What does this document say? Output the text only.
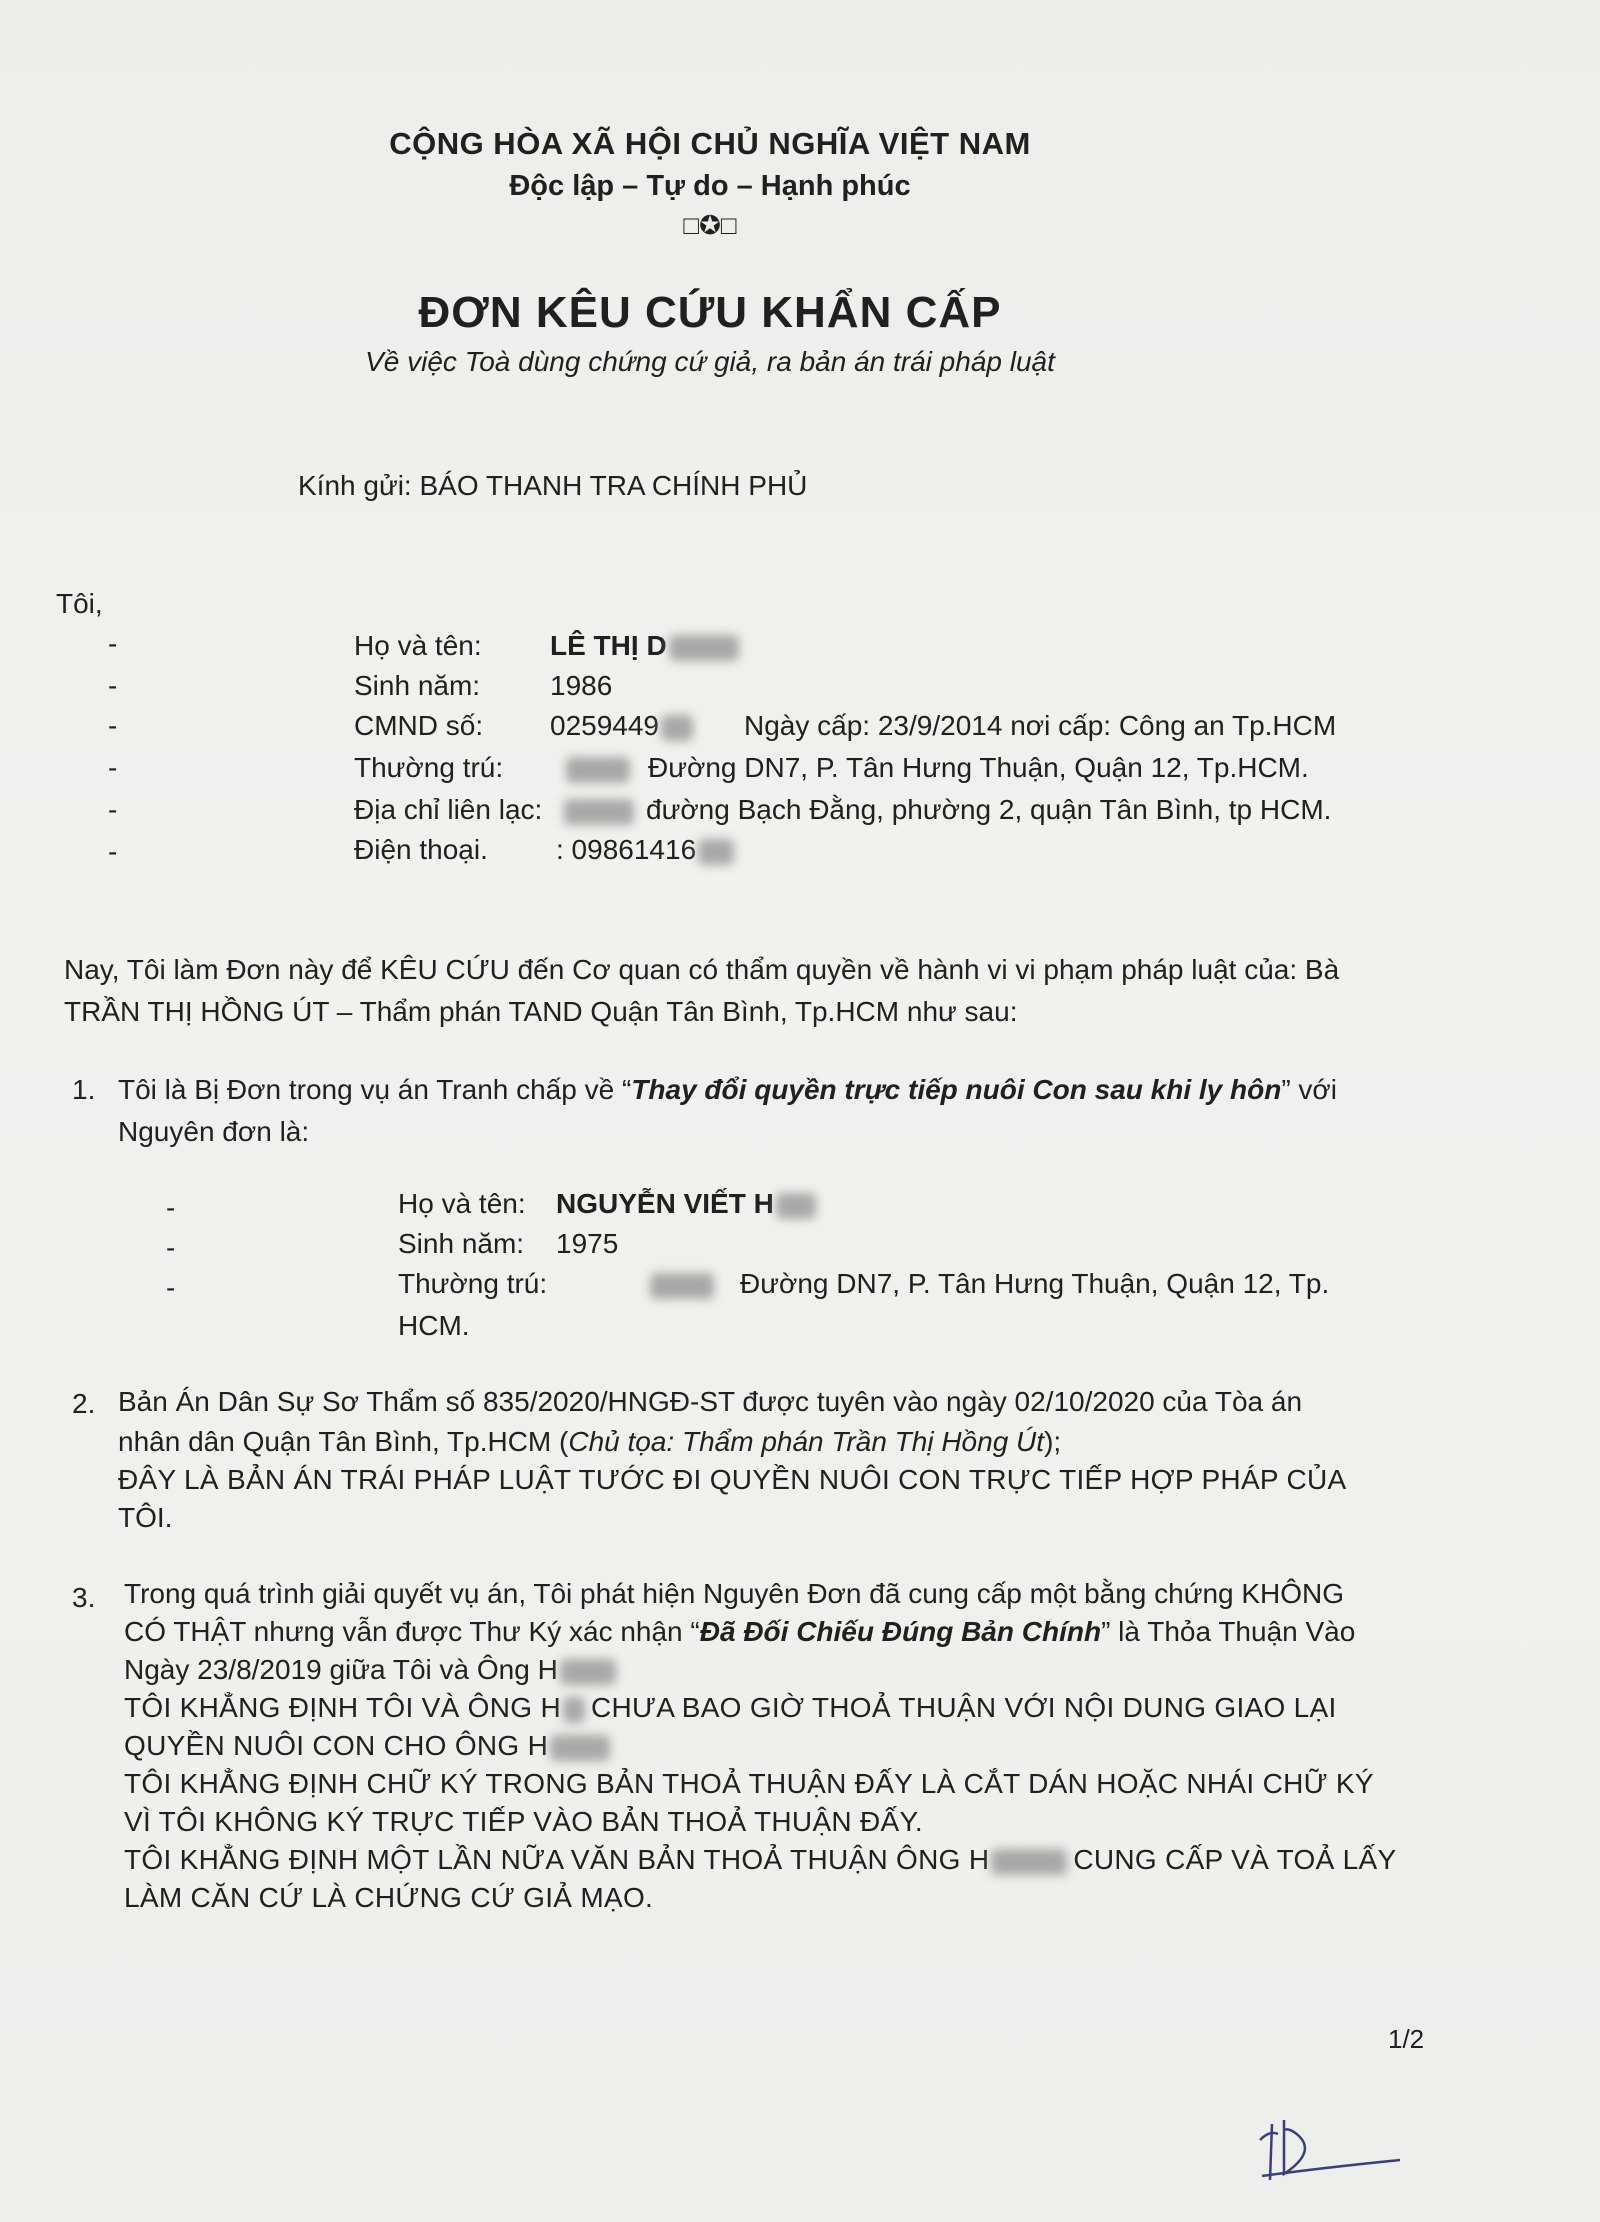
CỘNG HÒA XÃ HỘI CHỦ NGHĨA VIỆT NAM
Độc lập – Tự do – Hạnh phúc
□✪□
ĐƠN KÊU CỨU KHẨN CẤP
Về việc Toà dùng chứng cứ giả, ra bản án trái pháp luật
Kính gửi: BÁO THANH TRA CHÍNH PHỦ
Tôi,
-	Họ và tên: LÊ THỊ D
-	Sinh năm: 1986
-	CMND số: 0259449	Ngày cấp: 23/9/2014 nơi cấp: Công an Tp.HCM
-	Thường trú:	Đường DN7, P. Tân Hưng Thuận, Quận 12, Tp.HCM.
-	Địa chỉ liên lạc:	đường Bạch Đằng, phường 2, quận Tân Bình, tp HCM.
-	Điện thoại. : 09861416
Nay, Tôi làm Đơn này để KÊU CỨU đến Cơ quan có thẩm quyền về hành vi vi phạm pháp luật của: Bà
TRẦN THỊ HỒNG ÚT – Thẩm phán TAND Quận Tân Bình, Tp.HCM như sau:
1. Tôi là Bị Đơn trong vụ án Tranh chấp về “Thay đổi quyền trực tiếp nuôi Con sau khi ly hôn” với
Nguyên đơn là:
-	Họ và tên: NGUYỄN VIẾT H
-	Sinh năm: 1975
-	Thường trú:	Đường DN7, P. Tân Hưng Thuận, Quận 12, Tp.
HCM.
2. Bản Án Dân Sự Sơ Thẩm số 835/2020/HNGĐ-ST được tuyên vào ngày 02/10/2020 của Tòa án
nhân dân Quận Tân Bình, Tp.HCM (Chủ tọa: Thẩm phán Trần Thị Hồng Út);
ĐÂY LÀ BẢN ÁN TRÁI PHÁP LUẬT TƯỚC ĐI QUYỀN NUÔI CON TRỰC TIẾP HỢP PHÁP CỦA
TÔI.
3. Trong quá trình giải quyết vụ án, Tôi phát hiện Nguyên Đơn đã cung cấp một bằng chứng KHÔNG
CÓ THẬT nhưng vẫn được Thư Ký xác nhận “Đã Đối Chiếu Đúng Bản Chính” là Thỏa Thuận Vào
Ngày 23/8/2019 giữa Tôi và Ông H
TÔI KHẲNG ĐỊNH TÔI VÀ ÔNG H CHƯA BAO GIỜ THOẢ THUẬN VỚI NỘI DUNG GIAO LẠI
QUYỀN NUÔI CON CHO ÔNG H
TÔI KHẲNG ĐỊNH CHỮ KÝ TRONG BẢN THOẢ THUẬN ĐẤY LÀ CẮT DÁN HOẶC NHÁI CHỮ KÝ
VÌ TÔI KHÔNG KÝ TRỰC TIẾP VÀO BẢN THOẢ THUẬN ĐẤY.
TÔI KHẲNG ĐỊNH MỘT LẦN NỮA VĂN BẢN THOẢ THUẬN ÔNG H	CUNG CẤP VÀ TOẢ LẤY
LÀM CĂN CỨ LÀ CHỨNG CỨ GIẢ MẠO.
1/2
